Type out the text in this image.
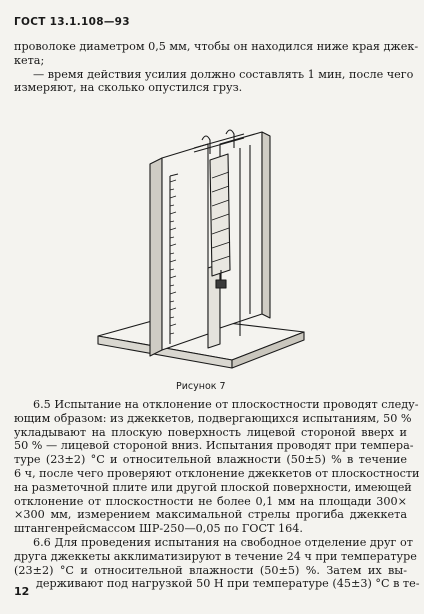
ГОСТ 13.1.108—93
проволоке диаметром 0,5 мм, чтобы он находился ниже края джек-
кета;
— время действия усилия должно составлять 1 мин, после чего
измеряют, на сколько опустился груз.
Рисунок 7
6.5 Испытание на отклонение от плоскостности проводят следу-
ющим образом: из джеккетов, подвергающихся испытаниям, 50 %
укладывают на плоскую поверхность лицевой стороной вверх и
50 % — лицевой стороной вниз. Испытания проводят при темпера-
туре (23±2) °С и относительной влажности (50±5) % в течение
6 ч, после чего проверяют отклонение джеккетов от плоскостности
на разметочной плите или другой плоской поверхности, имеющей
отклонение от плоскостности не более 0,1 мм на площади 300×
×300 мм, измерением максимальной стрелы прогиба джеккета
штангенрейсмассом ШР-250—0,05 по ГОСТ 164.
6.6 Для проведения испытания на свободное отделение друг от
друга джеккеты акклиматизируют в течение 24 ч при температуре
(23±2) °С и относительной влажности (50±5) %. Затем их вы-
держивают под нагрузкой 50 Н при температуре (45±3) °С в те-
12
